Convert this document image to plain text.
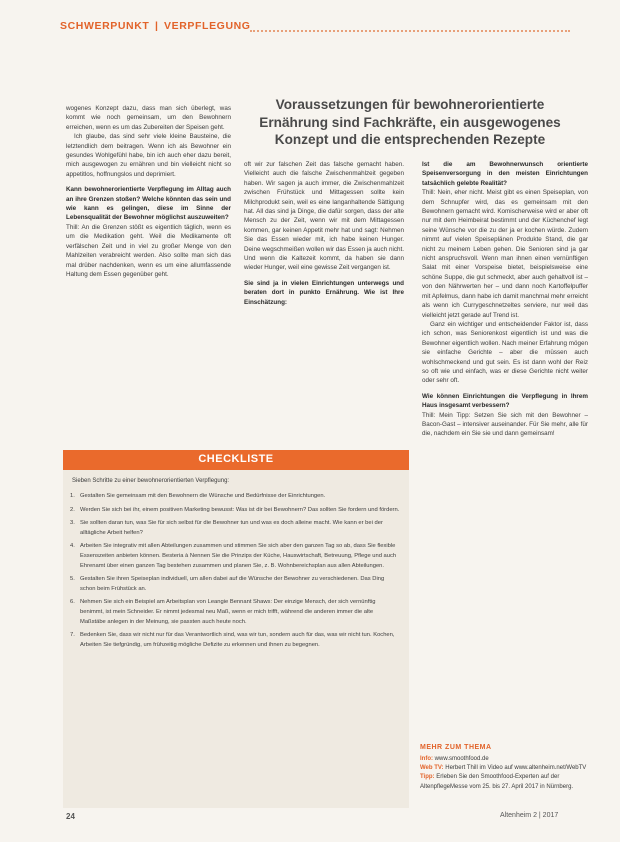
SCHWERPUNKT | VERPFLEGUNG

wogenes Konzept dazu, dass man sich überlegt, was kommt wie noch gemeinsam, um den Bewohnern erreichen, wenn es um das Zubereiten der Speisen geht.

Ich glaube, das sind sehr viele kleine Bausteine, die letztendlich dem beitragen. Wenn ich als Bewohner ein gesundes Wohlgefühl habe, bin ich auch eher dazu bereit, mich ausgewogen zu ernähren und bin vielleicht nicht so appetitlos, hoffnungslos und deprimiert.

Kann bewohnerorientierte Verpflegung im Alltag auch an ihre Grenzen stoßen? Welche könnten das sein und wie kann es gelingen, diese im Sinne der Lebensqualität der Bewohner möglichst auszuweiten?

Thill: An die Grenzen stößt es eigentlich täglich, wenn es um die Medikation geht. Weil die Medikamente oft verfälschen Zeit und in viel zu großer Menge von den Mahlzeiten verabreicht werden. Also sollte man sich das mal drüber nachdenken, wenn es um eine allumfassende Haltung dem Essen gegenüber geht.

Voraussetzungen für bewohnerorientierte Ernährung sind Fachkräfte, ein ausgewogenes Konzept und die entsprechenden Rezepte

oft wir zur falschen Zeit das falsche gemacht haben. Vielleicht auch die falsche Zwischenmahlzeit gegeben haben. Wir sagen ja auch immer, die Zwischenmahlzeit zwischen Frühstück und Mittagessen sollte kein Milchprodukt sein, weil es eine langanhaltende Sättigung hat. All das sind ja Dinge, die dafür sorgen, dass der alte Mensch zu der Zeit, wenn wir mit dem Mittagessen kommen, gar keinen Appetit mehr hat und sagt: Nehmen Sie das Essen wieder mit, ich habe keinen Hunger. Deine wegschmeißen wollen wir das Essen ja auch nicht. Und wenn die Kaltezeit kommt, da haben sie dann wieder Hunger, weil eine gewisse Zeit vergangen ist.

Sie sind ja in vielen Einrichtungen unterwegs und beraten dort in punkto Ernährung. Wie ist Ihre Einschätzung:

Ist die am Bewohnerwunsch orientierte Speisenversorgung in den meisten Einrichtungen tatsächlich gelebte Realität?

Thill: Nein, eher nicht. Meist gibt es einen Speiseplan, von dem Schnupfer wird, das es gemeinsam mit den Bewohnern gemacht wird. Komischerweise wird er aber oft nur mit dem Heimbeirat bestimmt und der Küchenchef legt seine Wünsche vor die zu der ja er kochen würde. Zudem nimmt auf vielen Speiseplänen Produkte Stand, die gar nicht zu meinem Leben gehen. Die Senioren sind ja gar nicht anspruchsvoll. Wenn man ihnen einen vernünftigen Salat mit einer Vorspeise bietet, beispielsweise eine schöne Suppe, die gut schmeckt, aber auch gehaltvoll ist – von den Nährwerten her – und dann noch Kartoffelpuffer mit Apfelmus, dann habe ich damit manchmal mehr erreicht als wenn ich Currygeschnetzeltes serviere, nur weil das vielleicht jetzt gerade auf Trend ist.

Ganz ein wichtiger und entscheidender Faktor ist, dass ich schon, was Seniorenkost eigentlich ist und was die Bewohner eigentlich wollen. Nach meiner Erfahrung mögen sie einfache Gerichte – aber die müssen auch wohlschmeckend und gut sein. Es ist dann wohl der Reiz so oft wie und einfach, was er diese Gerichte nicht weiter oder sehr oft.

Wie können Einrichtungen die Verpflegung in Ihrem Haus insgesamt verbessern?

Thill: Mein Tipp: Setzen Sie sich mit den Bewohner – Bacon-Gast – intensiver auseinander. Für Sie mehr, alle für die, nachdem ein Sie sie und dann gemeinsam!

CHECKLISTE
Sieben Schritte zu einer bewohnerorientierten Verpflegung:
1. Gestalten Sie gemeinsam mit den Bewohnern die Wünsche und Bedürfnisse der Einrichtungen.
2. Werden Sie sich bei ihr, einem positiven Marketing bewusst: Was ist dir bei Bewohnern? Das sollten Sie fordern und fördern.
3. Sie sollten daran tun, was Sie für sich selbst für die Bewohner tun und was es doch alleine macht. Wie kann er bei der alltägliche Arbeit helfen?
4. Arbeiten Sie integrativ mit allen Abteilungen zusammen und stimmen Sie sich aber den ganzen Tag so ab, dass Sie flexible Essenszeiten anbieten können. Besteria à Nennen Sie die Prinzips der Küche, Hauswirtschaft, Betreuung, Pflege und auch Ehrenamt über einen ganzen Tag bestehen zusammen und planen Sie, z. B. Wohnbereichsplan aus allen Abteilungen.
5. Gestalten Sie ihren Speiseplan individuell, um allen dabei auf die Wünsche der Bewohner zu verschiedenen. Das Ding schon beim Frühstück an.
6. Nehmen Sie sich ein Beispiel am Arbeitsplan von Leangie Bennant Shaws: Der einzige Mensch, der sich vernünftig benimmt, ist mein Schneider. Er nimmt jedesmal neu Maß, wenn er mich trifft, während die anderen immer die alte Maßstäbe anlegen in der Meinung, sie passten auch heute noch.
7. Bedenken Sie, dass wir nicht nur für das Verantwortlich sind, was wir tun, sondern auch für das, was wir nicht tun. Kochen, Arbeiten Sie tiefgründig, um frühzeitig mögliche Defizite zu erkennen und ihnen zu begegnen.
MEHR ZUM THEMA
Info: www.smoothfood.de
Web TV: Herbert Thill im Video auf www.altenheim.net/WebTV
Tipp: Erleben Sie den Smoothfood-Experten auf der AltenpflegeMesse vom 25. bis 27. April 2017 in Nürnberg.
24	Altenheim 2 | 2017
